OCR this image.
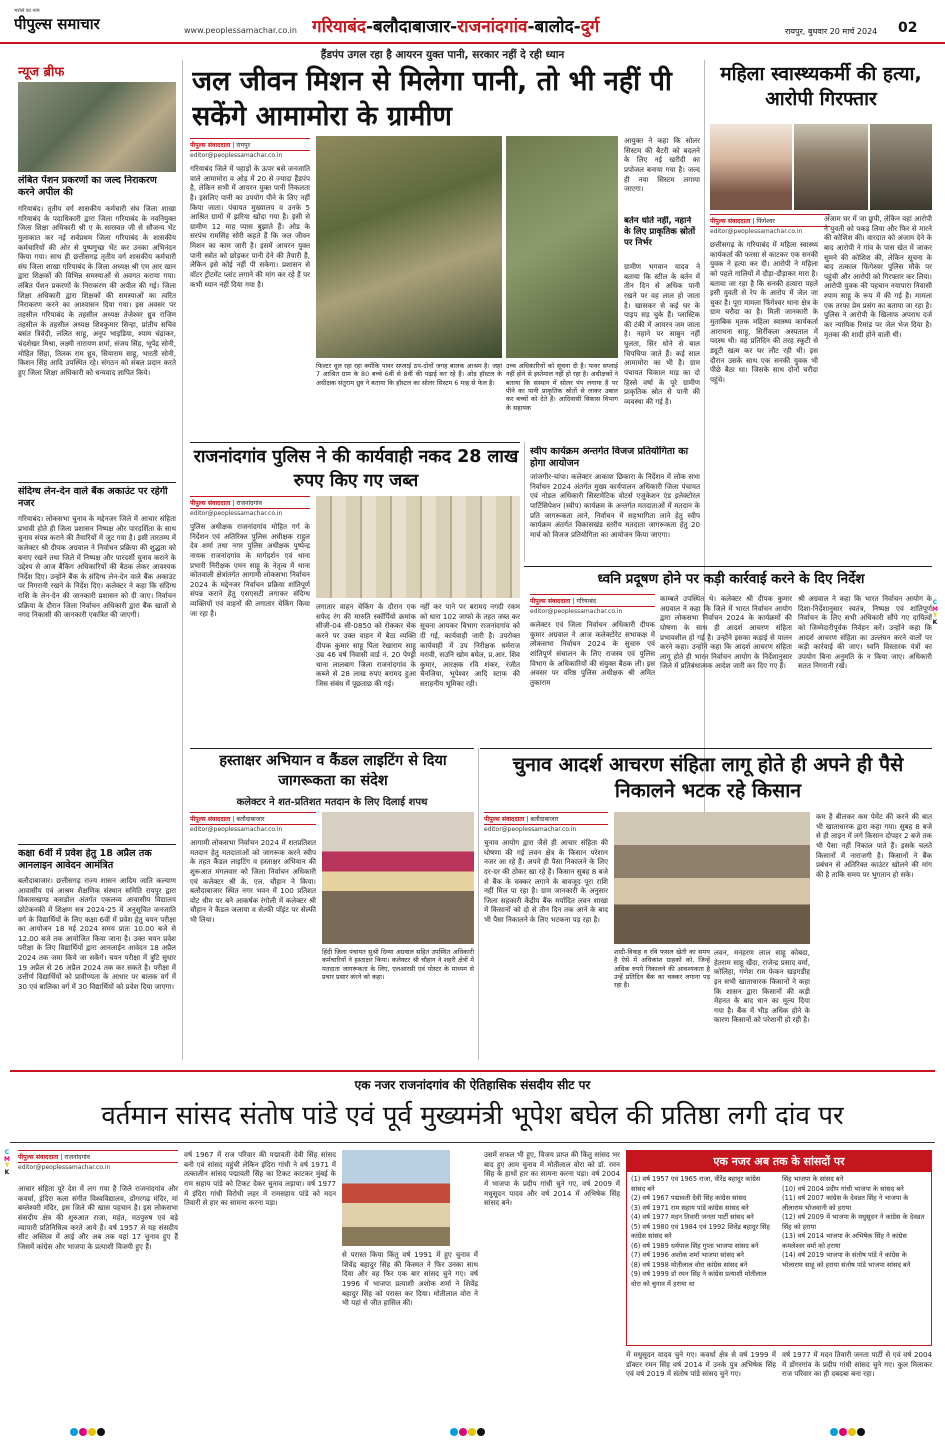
भरोसे का नाम
पीपुल्स समाचार	www.peoplessamachar.co.in गरियाबंद-बलौदाबाजार-राजनांदगांव-बालोद-दुर्ग	रायपुर, बुधवार 20 मार्च 2024 02
न्यूज ब्रीफ
लंबित पेंशन प्रकरणों का जल्द निराकरण करने अपील की
गरियाबंद। तृतीय वर्ग शासकीय कर्मचारी संघ जिला शाखा गरियाबंद के पदाधिकारी द्वारा जिला गरियाबंद के नवनियुक्त जिला शिक्षा अधिकारी श्री ए के सारस्वत जी से सौजन्य भेंट मुलाकात कर नई सर्वप्रथम जिला गरियाबंद के शासकीय कर्मचारियों की ओर से पुष्पगुच्छ भेंट कर उनका अभिनंदन किया गया। साथ ही छत्तीसगढ़ तृतीय वर्ग शासकीय कर्मचारी संघ जिला शाखा गरियाबंद के जिला अध्यक्ष श्री एम आर खान द्वारा शिक्षकों की विभिन्न समस्याओं से अवगत कराया गया। लंबित पेंशन प्रकरणों के निराकरण की अपील की गई। जिला शिक्षा अधिकारी द्वारा शिक्षकों की समस्याओं का त्वरित निराकरण करने का आश्वासन दिया गया। इस अवसर पर तहसील गरियाबंद के तहसील अध्यक्ष तेजेश्वर ध्रुव राजिम तहसील के तहसील अध्यक्ष शिवकुमार सिन्हा, प्रांतीय सचिव बसंत त्रिवेदी, ललित साहू, अनूप भाइडिया, श्याम चंद्राकर, चंदशेखर मिश्रा, लक्ष्मी नारायण शर्मा, संजय सिंह, भूपेंद्र सोनी, मोहित सिंहा, तिलक राम ध्रुव, सियाराम साहू, भारती सोनी, किशन सिंह आदि उपस्थित रहे। संगठन को संबल प्रदान करते हुए जिला शिक्षा अधिकारी को धन्यवाद ज्ञापित किये।
संदिग्ध लेन-देन वाले बैंक अकाउंट पर रहेगी नजर
गरियाबंद। लोकसभा चुनाव के मद्देनजर जिले में आचार संहिता प्रभावी होते ही जिला प्रशासन निष्पक्ष और पारदर्शिता के साथ चुनाव संपन्न कराने की तैयारियों में जुट गया है। इसी तारतम्य में कलेक्टर श्री दीपक अग्रवाल ने निर्वाचन प्रक्रिया की शुद्धता को बनाए रखने तथा जिले में निष्पक्ष और पारदर्शी चुनाव कराने के उद्देश्य से आज बैंकिंग अधिकारियों की बैठक लेकर आवश्यक निर्देश दिए। उन्होंने बैंक के संदिग्ध लेन-देन वाले बैंक अकाउंट पर निगरानी रखने के निर्देश दिए। कलेक्टर ने कहा कि संदिग्ध राशि के लेन-देन की जानकारी प्रशासन को दी जाए। निर्वाचन प्रक्रिया के दौरान जिला निर्वाचन अधिकारी द्वारा बैंक खातों से नगद निकासी की जानकारी एकत्रित की जाएगी।
कक्षा 6वीं में प्रवेश हेतु 18 अप्रैल तक आनलाइन आवेदन आमंत्रित
बलौदाबाजार। छत्तीसगढ़ राज्य शासन आदिम जाति कल्याण आवासीय एवं आश्रम शैक्षणिक संस्थान समिति रायपुर द्वारा विकासखण्ड कसडोल अंतर्गत एकलव्य आवासीय विद्यालय छोटेकनकी में शिक्षण सत्र 2024-25 में अनुसूचित जनजाति वर्ग के विद्यार्थियों के लिए कक्षा 6वीं में प्रवेश हेतु चयन परीक्षा का आयोजन 18 मई 2024 समय प्रातः 10.00 बजे से 12.00 बजे तक आयोजित किया जाना है। उक्त चयन प्रवेश परीक्षा के लिए विद्यार्थियों द्वारा आनलाईन आवेदन 18 अप्रैल 2024 तक जमा किये जा सकेंगे। चयन परीक्षा में त्रुटि सुधार 19 अप्रैल से 26 अप्रैल 2024 तक कर सकते है। परीक्षा में उत्तीर्ण विद्यार्थियों को प्रावीण्यता के आधार पर बालक वर्ग में 30 एवं बालिका वर्ग में 30 विद्यार्थियों को प्रवेश दिया जाएगा।
हैंडपंप उगल रहा है आयरन युक्त पानी, सरकार नहीं दे रही ध्यान
जल जीवन मिशन से मिलेगा पानी, तो भी नहीं पी सकेंगे आमामोरा के ग्रामीण
पीपुल्स संवाददाता | रायपुर
editor@peoplessamachar.co.in
गरियाबंद जिले में पहाड़ों के ऊपर बसे जनजाति वाले आमामोरा व ओड़ में 20 से ज्यादा हैंडपंप है, लेकिन सभी में आयरन युक्त पानी निकलता है। इसलिए पानी का उपयोग पीने के लिए नहीं किया जाता। पंचायत मुख्यालय व उनके 5 आश्रित ग्रामों में झरिया खोदा गया है। इसी से ग्रामीण 12 माह प्यास बुझाते हैं। ओड के सरपंच रामसिंह सोरी कहते हैं कि जल जीवन मिशन का काम जारी है। इसमें आयरन युक्त पानी स्त्रोत को छोड़कर पानी देने की तैयारी है, लेकिन इसे कोई नहीं पी सकेगा। प्रशासन से वॉटर ट्रीटमेंट प्लांट लगाने की मांग कर रहे हैं पर कभी ध्यान नहीं दिया गया है।
फिल्टर धूल रहा रहा क्योंकि पावर सप्लाई ठप-दोनों जगह बालक आश्रम है। जहां 7 आश्रित ग्राम के 80 बच्चे 6वीं से 8वीं की पढ़ाई कर रहे हैं। ओड़ हॉस्टल के अधीक्षक संतुराम ध्रुव ने बताया कि हॉस्टल का सोलर सिस्टम 6 माह से फेल है।
उच्च अधिकारियों को सूचना दी है। पावर सप्लाई नहीं होने से इस्तेमाल नहीं हो रहा है। अधीक्षकों ने बताया कि संस्थान में सोलर पंप लगाया है पर पीने का पानी प्राकृतिक स्रोतों से लाकर उबाल कर बच्चों को देते हैं। आदिवासी विकास विभाग के सहायक
आयुक्त ने कहा कि सोलर सिस्टम की बैटरी को बदलने के लिए नई खरीदी का प्रपोजल बनाया गया है। जल्द ही नया सिस्टम लगाया जाएगा।
बर्तन धोते नहीं, नहाने के लिए प्राकृतिक स्रोतों पर निर्भर
ग्रामीण भगवान यादव ने बताया कि स्टील के बर्तन में तीन दिन से अधिक पानी रखने पर वह लाल हो जाता है। खासकर से कई घर के पाइप सड़ चुके हैं। प्लास्टिक की टंकी में आयरन जम जाता है। नहाने पर साबुन नहीं घुलता, सिर धोने से बाल चिपचिपा जाते हैं। कई साल आमामोरा का भी है। ग्राम पंचायत चिकाल माड़ का दो हिस्से वर्षा के पूरे ग्रामीण प्राकृतिक स्रोत से पानी की व्यवस्था की गई है।
महिला स्वास्थ्यकर्मी की हत्या, आरोपी गिरफ्तार
पीपुल्स संवाददाता | फिंगेश्वर
editor@peoplessamachar.co.in
छत्तीसगढ़ के गरियाबंद में महिला स्वास्थ्य कार्यकर्ता की फरसा से काटकर एक सनकी युवक ने हत्या कर दी। आरोपी ने महिला को पहले गालियों में दौड़ा-दौड़ाकर मारा है। बताया जा रहा है कि सनकी हत्यारा पहले इसी युवती से रेप के आरोप में जेल जा चुका है। पूरा मामला फिंगेश्वर थाना क्षेत्र के ग्राम चरौदा का है। मिली जानकारी के मुताबिक मृतक महिला स्वास्थ्य कार्यकर्ता आराधना साहू, सिर्रीकला अस्पताल में पदस्थ थी। वह प्रतिदिन की तरह स्कूटी से ड्यूटी खत्म कर घर लौट रही थी। इस दौरान उसके साथ एक सनकी युवक भी पीछे बैठा था। जिसके साथ दोनों चरौदा पहुंचे।
अंजाम घर में जा छुपी, लेकिन वहां आरोपी ने युवती को पकड़ लिया और फिर से मारने की कोशिश की। वारदात को अंजाम देने के बाद आरोपी ने गांव के पास खेत में जाकर सुमने की कोशिश की, लेकिन सूचना के बाद तत्काल फिंगेश्वर पुलिस मौके पर पहुंची और आरोपी को गिरफ्तार कर लिया। आरोपी युवक की पहचान नयापारा निवासी श्याम साहू के रूप में की गई है। मामला एक तरफा प्रेम प्रसंग का बताया जा रहा है। पुलिस ने आरोपी के खिलाफ अपराध दर्ज कर न्यायिक रिमांड पर जेल भेज दिया है। मृतका की शादी होने वाली थी।
राजनांदगांव पुलिस ने की कार्यवाही नकद 28 लाख रुपए किए गए जब्त
पीपुल्स संवाददाता | राजनांदगांव
editor@peoplessamachar.co.in
पुलिस अधीक्षक राजनांदगांव मोहित गर्ग के निर्देशन एवं अतिरिक्त पुलिस अधीक्षक राहुल देव शर्मा तथा नगर पुलिस अधीक्षक पुष्पेन्द्र नायक राजनांदगांव के मार्गदर्शन एवं थाना प्रभारी निरीक्षक एमन साहू के नेतृत्व में थाना कोतवाली क्षेत्रांतर्गत आगामी लोकसभा निर्वाचन 2024 के मद्देनजर निर्वाचन प्रक्रिया शांतिपूर्ण संपन्न कराने हेतु एसएसटी लगाकर संदिग्ध व्यक्तियों एवं वाहनों की लगातार चेकिंग किया जा रहा है।
लगातार वाहन चेकिंग के दौरान एक सफेद रंग की मारुति स्कॉर्पियो क्रमांक सीजी-04 सी-0850 को रोककर चेक करने पर उक्त वाहन में बैठा व्यक्ति दीपक कुमार साहू पिता रेखाराम साहू उम्र 46 वर्ष निवासी वार्ड नं. 20 पेण्ड्री थाना लालबाग जिला राजनांदगांव के कब्जे से 28 लाख रुपए बरामद हुआ जिस संबंध में पूछताछ की गई।
नहीं कर पाने पर बरामद नगदी रकम को धारा 102 जाफो के तहत जब्त कर सूचना आयकर विभाग राजनांदगांव को दी गई, कार्यवाही जारी है। उपरोक्त कार्यवाही में उप निरीक्षक धर्मराज मरावी, सउनि खोम बघेल, प्र.आर. शिव कुमार, आरक्षक रवि शंकर, रंजीत चैनजिया, भूपेश्वर आदि स्टाफ की सराहनीय भूमिका रही।
स्वीप कार्यक्रम अन्तर्गत विजज प्रतियोगिता का होगा आयोजन
जांजगीर-चांपा। कलेक्टर आकाश छिकारा के निर्देशन में लोक सभा निर्वाचन 2024 अंतर्गत मुख्य कार्यपालन अधिकारी जिला पंचायत एवं नोडल अधिकारी सिस्टमेटिक वोटर्स एजुकेशन एंड इलेक्टोरल पार्टिसिपेशन (स्वीप) कार्यक्रम के अन्तर्गत मतदाताओं में मतदान के प्रति जागरूकता लाने, निर्वाचन में सहभागिता लाने हेतु स्वीप कार्यक्रम अंतर्गत विकासखंड स्तरीय मतदाता जागरूकता हेतु 20 मार्च को विजज प्रतियोगिता का आयोजन किया जाएगा।
ध्वनि प्रदूषण होने पर कड़ी कार्रवाई करने के दिए निर्देश
पीपुल्स संवाददाता | गरियाबंद
editor@peoplessamachar.co.in
कलेक्टर एवं जिला निर्वाचन अधिकारी दीपक कुमार अग्रवाल ने आज कलेक्टोरेट सभाकक्ष में लोकसभा निर्वाचन 2024 के सुचारु एवं शांतिपूर्ण संचालन के लिए राजस्व एवं पुलिस विभाग के अधिकारियों की संयुक्त बैठक ली। इस अवसर पर वरिष्ठ पुलिस अधीक्षक श्री अमित तुकाराम
काम्बले उपस्थित थे। कलेक्टर श्री दीपक कुमार अग्रवाल ने कहा कि जिले में भारत निर्वाचन आयोग द्वारा लोकसभा निर्वाचन 2024 के कार्यक्रमों की घोषणा के साथ ही आदर्श आचरण संहिता प्रभावशील हो गई है। उन्होंने इसका कड़ाई से पालन करने कहा। उन्होंने कहा कि आदर्श आचरण संहिता लागू होते ही भारत निर्वाचन आयोग के निर्देशानुसार जिले में प्रतिबंधात्मक आदेश जारी कर दिए गए हैं।
श्री अग्रवाल ने कहा कि भारत निर्वाचन आयोग के दिशा-निर्देशानुसार स्वतंत्र, निष्पक्ष एवं शांतिपूर्ण निर्वाचन के लिए सभी अधिकारी सौंपे गए दायित्वों को जिम्मेदारीपूर्वक निर्वहन करें। उन्होंने कहा कि आदर्श आचरण संहिता का उल्लंघन करने वालों पर कड़ी कार्रवाई की जाए। ध्वनि विस्तारक यंत्रों का उपयोग बिना अनुमति के न किया जाए। अधिकारी सतत निगरानी रखें।
हस्ताक्षर अभियान व कैंडल लाइटिंग से दिया जागरूकता का संदेश
कलेक्टर ने शत-प्रतिशत मतदान के लिए दिलाई शपथ
पीपुल्स संवाददाता | बलौदाबाजार
editor@peoplessamachar.co.in
आगामी लोकसभा निर्वाचन 2024 में शतप्रतिशत मतदान हेतु मतदाताओं को जागरूक करने स्वीप के तहत कैंडल लाइटिंग व हस्ताक्षर अभियान की शुरूआत मंगलवार को जिला निर्वाचन अधिकारी एवं कलेक्टर श्री के. एल. चौहान ने किया। बलौदाबाजार स्थित नगर भवन में 100 प्रतिशत वोट थीम पर बने आकर्षक रंगोली में कलेक्टर श्री चौहान ने कैंडल जलाया व सेल्फी पॉइंट पर सेल्फी भी लिया।
हिंदी जिला पंचायत सुश्री दिव्या अग्रवाल सहित उपस्थित अधिकारी कर्मचारियों ने हस्ताक्षर किया। कलेक्टर श्री चौहान ने शहरी क्षेत्रों में मतदाता जागरूकता के लिए, एलआरसी एवं पोस्टर के माध्यम से प्रचार प्रसार करने को कहा।
चुनाव आदर्श आचरण संहिता लागू होते ही अपने ही पैसे निकालने भटक रहे किसान
पीपुल्स संवाददाता | बलौदाबाजार
editor@peoplessamachar.co.in
चुनाव आयोग द्वारा जैसे ही आचार संहिता की घोषणा की गई लवन क्षेत्र के किसान परेशान नजर आ रहे हैं। अपने ही पैसा निकालने के लिए दर-दर की ठोकर खा रहे हैं। किसान सुबह 8 बजे से बैंक के चक्कर लगाने के बावजूद पूरा राशि नहीं मिल पा रहा है। ग्राम जानकारी के अनुसार जिला सहकारी केंद्रीय बैंक मर्यादित लवन शाखा में किसानों को दो से तीन दिन तक आने के बाद भी पैसा निकालने के लिए भटकना पड़ रहा है।
शादी-विवाह व रवि फसल खेती का समय है ऐसे में अधिकांश ग्राहकों को, जिन्हें अधिक रुपये निकालने की आवश्यकता है उन्हें प्रतिदिन बैंक का चक्कर लगाना पड़ रहा है।
लवन, मनहरण लाल साहू कोबदा, हेतराम साहू खैंदा, राजेन्द्र प्रसाद वर्मा, कोलिहा, गणेश राम फेकन खड़गडीह इन सभी खाताधारक किसानों ने कहा कि शासन द्वारा किसानों की कड़ी मेहनत के बाद धान का मूल्य दिया गया है। बैंक में भीड़ अधिक होने के कारण किसानों को परेशानी हो रही है।
कम है बीलकर कम पेमेंट की करने की बात भी खाताधारक द्वारा कहा गया। सुबह 8 बजे से ही लाइन में लगे किसान दोपहर 2 बजे तक भी पैसा नहीं निकाल पाते हैं। इसके चलते किसानों में नाराजगी है। किसानों ने बैंक प्रबंधन से अतिरिक्त काउंटर खोलने की मांग की है ताकि समय पर भुगतान हो सके।
एक नजर राजनांदगांव की ऐतिहासिक संसदीय सीट पर
वर्तमान सांसद संतोष पांडे एवं पूर्व मुख्यमंत्री भूपेश बघेल की प्रतिष्ठा लगी दांव पर
पीपुल्स संवाददाता | राजनांदगांव
editor@peoplessamachar.co.in
आचार संहिता पूरे देश में लग गया है जिले राजनांदगांव और कवर्धा, इंदिरा कला संगीत विश्वविद्यालय, डोंगरगढ़ मंदिर, मां बम्लेश्वरी मंदिर, इस जिले की खास पहचान है। इस लोकसभा संसदीय क्षेत्र की शुरुआत राजा, महंत, मठपुरुष एवं बड़े व्यापारी प्रतिनिधित्व करते आये हैं। वर्ष 1957 से यह संसदीय सीट अस्तित्व में आई और अब तक यहां 17 चुनाव हुए हैं जिसमें कांग्रेस और भाजपा के प्रत्याशी विजयी हुए हैं।
वर्ष 1967 में राज परिवार की पद्मावती देवी सिंह सांसद बनी एवं सांसद पहुंची लेकिन इंदिरा गांधी ने वर्ष 1971 में तत्कालीन सांसद पद्मावती सिंह का टिकट काटकर मुंबई के राम सहाय पांडे को टिकट देकर चुनाव लड़ाया। वर्ष 1977 में इंदिरा गांधी विरोधी लहर में रामसहाय पांडे को मदन तिवारी से हार का सामना करना पड़ा।
से परास्त किया किंतु वर्ष 1991 में हुए चुनाव में शिवेंद्र बहादुर सिंह की किस्मत ने फिर उनका साथ दिया और वह फिर एक बार सांसद चुने गए। वर्ष 1996 में भाजपा प्रत्याशी अशोक शर्मा ने शिवेंद्र बहादुर सिंह को परास्त कर दिया। मोतीलाल वोरा ने भी यहां से जीत हासिल की।
उसमें सफल भी हुए, विजय प्राप्त की किंतु सांसद भर बाद हुए आम चुनाव में मोतीलाल वोरा को डॉ. रमन सिंह के हाथों हार का सामना करना पड़ा। वर्ष 2004 में भाजपा के प्रदीप गांधी चुने गए, वर्ष 2009 में मधुसूदन यादव और वर्ष 2014 में अभिषेक सिंह सांसद बने।
एक नजर अब तक के सांसदों पर
(1) वर्ष 1957 एवं 1965 राजा, वीरेंद्र बहादुर कांग्रेस सांसद बने
(2) वर्ष 1967 पद्मावती देवी सिंह कांग्रेस सांसद
(3) वर्ष 1971 राम सहाय पांडे कांग्रेस सांसद बने
(4) वर्ष 1977 मदन तिवारी जनता पार्टी सांसद बने
(5) वर्ष 1980 एवं 1984 एवं 1992 शिवेंद्र बहादुर सिंह कांग्रेस सांसद बने
(6) वर्ष 1989 धर्मपाल सिंह गुप्ता भाजपा सांसद बने
(7) वर्ष 1996 अशोक शर्मा भाजपा सांसद बने
(8) वर्ष 1998 मोतीलाल वोरा कांग्रेस सांसद बने
(9) वर्ष 1999 डॉ रमन सिंह ने कांग्रेस प्रत्याशी मोतीलाल वोरा को चुनाव में हराया था
सिंह भाजपा के सांसद बने
(10) वर्ष 2004 प्रदीप गांधी भाजपा के सांसद बने
(11) वर्ष 2007 कांग्रेस के देवव्रत सिंह ने भाजपा के लीलाराम भोजवानी को हराया
(12) वर्ष 2009 में भाजपा के मधुसूदन ने कांग्रेस के देवव्रत सिंह को हराया
(13) वर्ष 2014 भाजपा के अभिषेक सिंह ने कांग्रेस कमलेश्वर वर्मा को हराया
(14) वर्ष 2019 भाजपा के संतोष पांडे ने कांग्रेस के भोलाराम साहू को हराया संतोष पांडे भाजपा सांसद बने
में मधुसूदन यादव चुने गए। कवर्धा क्षेत्र से वर्ष 1999 में डॉक्टर रमन सिंह वर्ष 2014 में उनके पुत्र अभिषेक सिंह एवं वर्ष 2019 में संतोष पांडे सांसद चुने गए।
वर्ष 1977 में मदन तिवारी जनता पार्टी से एवं वर्ष 2004 में डोंगरगांव के प्रदीप गांधी सांसद चुने गए। कुल मिलाकर राज परिवार का ही दबदबा बना रहा।
C
M
Y
K
C
M
Y
K
